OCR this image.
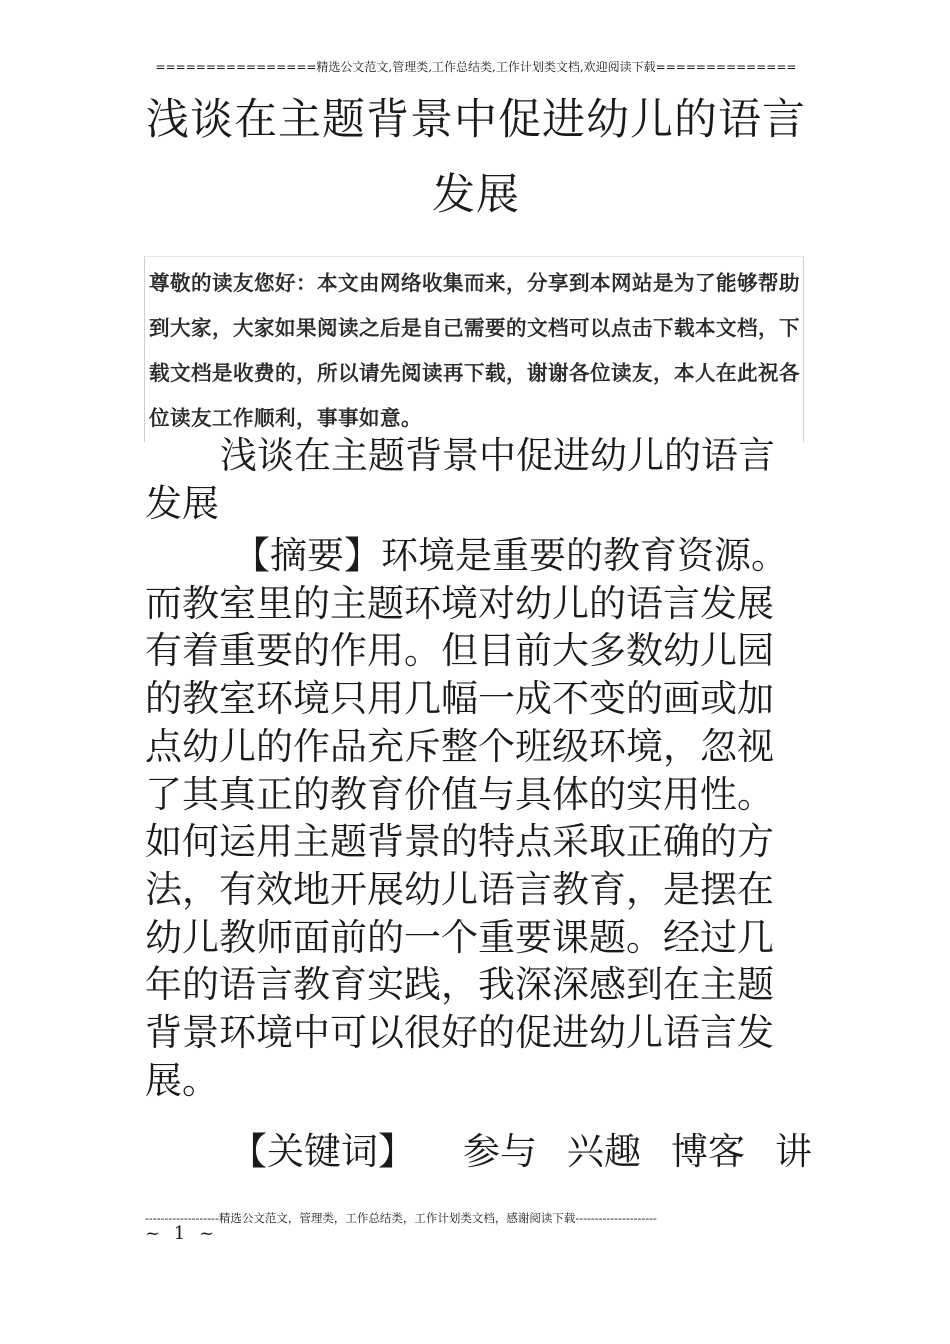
================精选公文范文,管理类,工作总结类,工作计划类文档,欢迎阅读下载==============
浅谈在主题背景中促进幼儿的语言
发展
尊敬的读友您好：本文由网络收集而来，分享到本网站是为了能够帮助到大家，大家如果阅读之后是自己需要的文档可以点击下载本文档，下载文档是收费的，所以请先阅读再下载，谢谢各位读友，本人在此祝各位读友工作顺利，事事如意。
浅谈在主题背景中促进幼儿的语言
发展
【摘要】环境是重要的教育资源。而教室里的主题环境对幼儿的语言发展有着重要的作用。但目前大多数幼儿园的教室环境只用几幅一成不变的画或加点幼儿的作品充斥整个班级环境，忽视了其真正的教育价值与具体的实用性。如何运用主题背景的特点采取正确的方法，有效地开展幼儿语言教育，是摆在幼儿教师面前的一个重要课题。经过几年的语言教育实践，我深深感到在主题背景环境中可以很好的促进幼儿语言发展。
【关键词】 参与 兴趣 博客 讲
-------------------精选公文范文，管理类，工作总结类，工作计划类文档，感谢阅读下载---------------------
~ 1 ~
